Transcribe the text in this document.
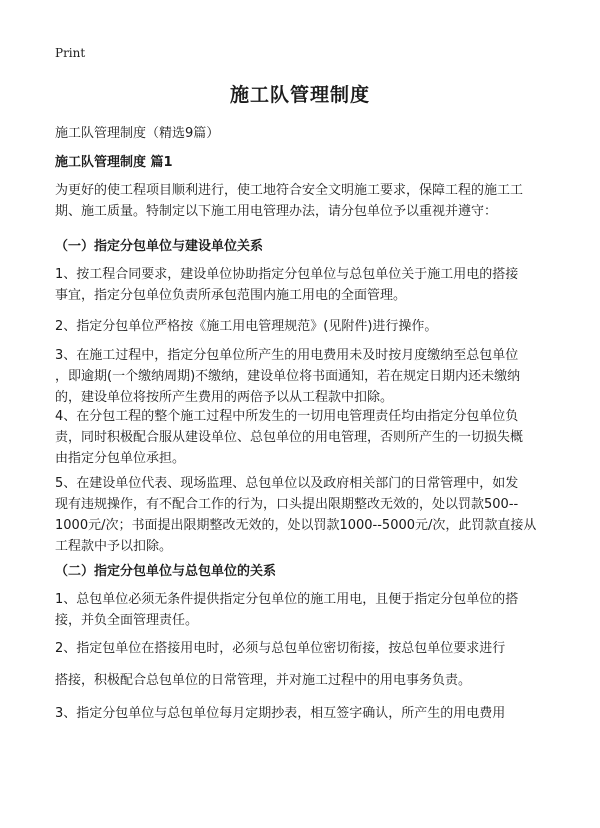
Print
施工队管理制度
施工队管理制度（精选9篇）
施工队管理制度 篇1
为更好的使工程项目顺利进行，使工地符合安全文明施工要求，保障工程的施工工
期、施工质量。特制定以下施工用电管理办法，请分包单位予以重视并遵守：
（一）指定分包单位与建设单位关系
1、按工程合同要求，建设单位协助指定分包单位与总包单位关于施工用电的搭接
事宜，指定分包单位负责所承包范围内施工用电的全面管理。
2、指定分包单位严格按《施工用电管理规范》(见附件)进行操作。
3、在施工过程中，指定分包单位所产生的用电费用未及时按月度缴纳至总包单位
，即逾期(一个缴纳周期)不缴纳，建设单位将书面通知，若在规定日期内还未缴纳
的，建设单位将按所产生费用的两倍予以从工程款中扣除。
4、在分包工程的整个施工过程中所发生的一切用电管理责任均由指定分包单位负
责，同时积极配合服从建设单位、总包单位的用电管理，否则所产生的一切损失概
由指定分包单位承担。
5、在建设单位代表、现场监理、总包单位以及政府相关部门的日常管理中，如发
现有违规操作，有不配合工作的行为，口头提出限期整改无效的，处以罚款500--
1000元/次；书面提出限期整改无效的，处以罚款1000--5000元/次，此罚款直接从
工程款中予以扣除。
（二）指定分包单位与总包单位的关系
1、总包单位必须无条件提供指定分包单位的施工用电，且便于指定分包单位的搭
接，并负全面管理责任。
2、指定包单位在搭接用电时，必须与总包单位密切衔接，按总包单位要求进行
搭接，积极配合总包单位的日常管理，并对施工过程中的用电事务负责。
3、指定分包单位与总包单位每月定期抄表，相互签字确认，所产生的用电费用
